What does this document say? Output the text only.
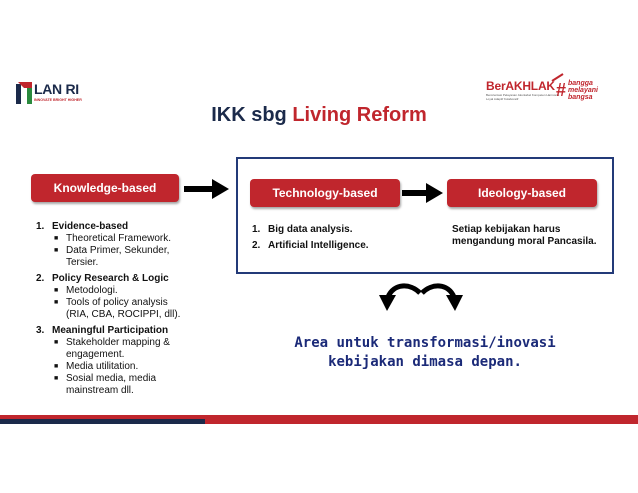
LAN RI
INNOVATE BRIGHT HIGHER
BerAKHLAK
Berorientasi Pelayanan Akuntabel Kompeten Harmonis Loyal Adaptif Kolaboratif	# bangga
melayani
bangsa
IKK sbg Living Reform
Knowledge-based	Technology-based	Ideology-based
1. Big data analysis.
2. Artificial Intelligence.
Setiap kebijakan harus
mengandung moral Pancasila.
1. Evidence-based
■ Theoretical Framework.
■ Data Primer, Sekunder,
Tersier.
2. Policy Research & Logic
■ Metodologi.
■ Tools of policy analysis
(RIA, CBA, ROCIPPI, dll).
3. Meaningful Participation
■ Stakeholder mapping &
engagement.
■ Media utilitation.
■ Sosial media, media
mainstream dll.
Area untuk transformasi/inovasi
kebijakan dimasa depan.
